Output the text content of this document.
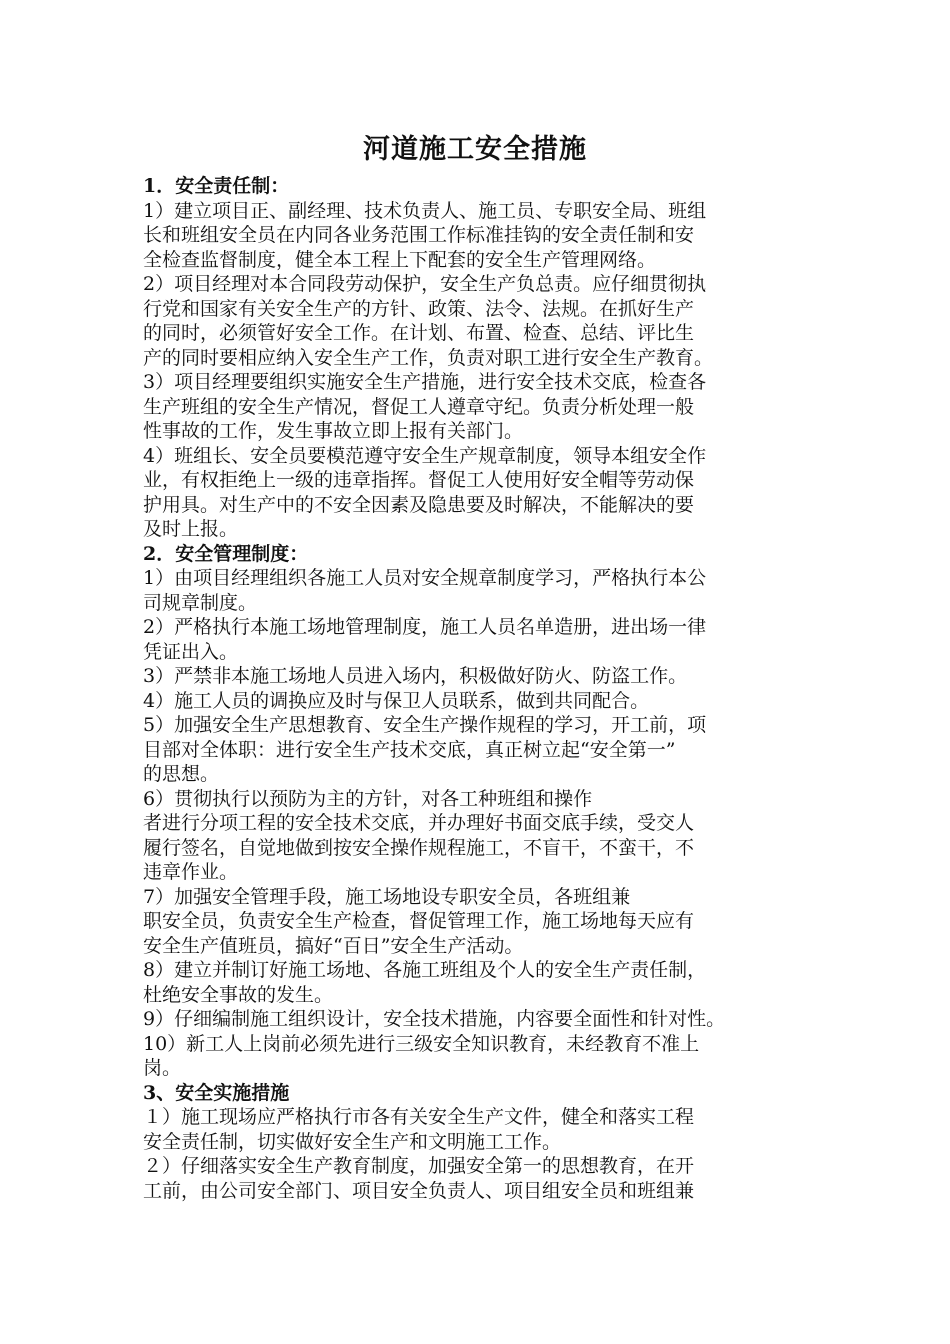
河道施工安全措施
1．安全责任制：
1）建立项目正、副经理、技术负责人、施工员、专职安全局、班组
长和班组安全员在内同各业务范围工作标准挂钩的安全责任制和安
全检查监督制度，健全本工程上下配套的安全生产管理网络。
2）项目经理对本合同段劳动保护，安全生产负总责。应仔细贯彻执
行党和国家有关安全生产的方针、政策、法令、法规。在抓好生产
的同时，必须管好安全工作。在计划、布置、检查、总结、评比生
产的同时要相应纳入安全生产工作，负责对职工进行安全生产教育。
3）项目经理要组织实施安全生产措施，进行安全技术交底，检查各
生产班组的安全生产情况，督促工人遵章守纪。负责分析处理一般
性事故的工作，发生事故立即上报有关部门。
4）班组长、安全员要模范遵守安全生产规章制度，领导本组安全作
业，有权拒绝上一级的违章指挥。督促工人使用好安全帽等劳动保
护用具。对生产中的不安全因素及隐患要及时解决，不能解决的要
及时上报。
2．安全管理制度：
1）由项目经理组织各施工人员对安全规章制度学习，严格执行本公
司规章制度。
2）严格执行本施工场地管理制度，施工人员名单造册，进出场一律
凭证出入。
3）严禁非本施工场地人员进入场内，积极做好防火、防盗工作。
4）施工人员的调换应及时与保卫人员联系，做到共同配合。
5）加强安全生产思想教育、安全生产操作规程的学习，开工前，项
目部对全体职：进行安全生产技术交底，真正树立起“安全第一”
的思想。
6）贯彻执行以预防为主的方针，对各工种班组和操作
者进行分项工程的安全技术交底，并办理好书面交底手续，受交人
履行签名，自觉地做到按安全操作规程施工，不盲干，不蛮干，不
违章作业。
7）加强安全管理手段，施工场地设专职安全员，各班组兼
职安全员，负责安全生产检查，督促管理工作，施工场地每天应有
安全生产值班员，搞好“百日”安全生产活动。
8）建立并制订好施工场地、各施工班组及个人的安全生产责任制，
杜绝安全事故的发生。
9）仔细编制施工组织设计，安全技术措施，内容要全面性和针对性。
10）新工人上岗前必须先进行三级安全知识教育，未经教育不准上
岗。
3、安全实施措施
１）施工现场应严格执行市各有关安全生产文件，健全和落实工程
安全责任制，切实做好安全生产和文明施工工作。
２）仔细落实安全生产教育制度，加强安全第一的思想教育，在开
工前，由公司安全部门、项目安全负责人、项目组安全员和班组兼
